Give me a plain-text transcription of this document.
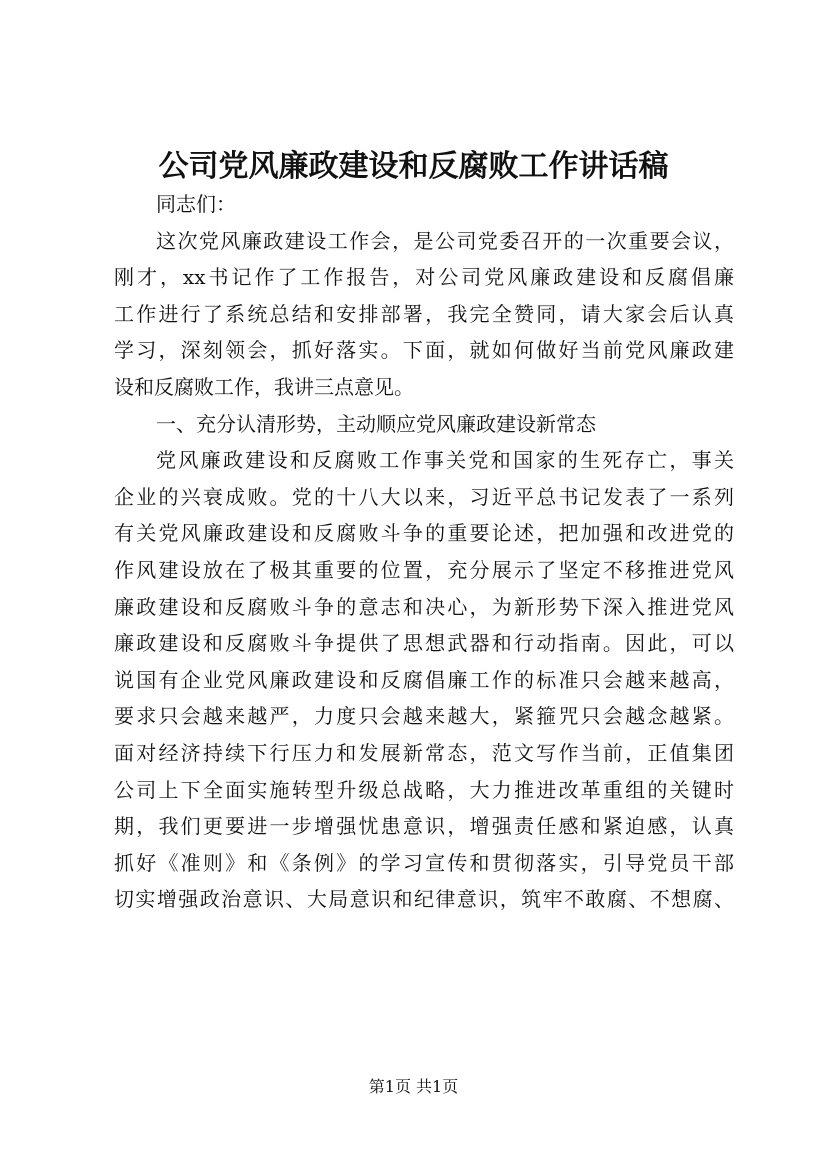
公司党风廉政建设和反腐败工作讲话稿
同志们：
这次党风廉政建设工作会，是公司党委召开的一次重要会议，
刚才，xx书记作了工作报告，对公司党风廉政建设和反腐倡廉
工作进行了系统总结和安排部署，我完全赞同，请大家会后认真
学习，深刻领会，抓好落实。下面，就如何做好当前党风廉政建
设和反腐败工作，我讲三点意见。
一、充分认清形势，主动顺应党风廉政建设新常态
党风廉政建设和反腐败工作事关党和国家的生死存亡，事关
企业的兴衰成败。党的十八大以来，习近平总书记发表了一系列
有关党风廉政建设和反腐败斗争的重要论述，把加强和改进党的
作风建设放在了极其重要的位置，充分展示了坚定不移推进党风
廉政建设和反腐败斗争的意志和决心，为新形势下深入推进党风
廉政建设和反腐败斗争提供了思想武器和行动指南。因此，可以
说国有企业党风廉政建设和反腐倡廉工作的标准只会越来越高，
要求只会越来越严，力度只会越来越大，紧箍咒只会越念越紧。
面对经济持续下行压力和发展新常态，范文写作当前，正值集团
公司上下全面实施转型升级总战略，大力推进改革重组的关键时
期，我们更要进一步增强忧患意识，增强责任感和紧迫感，认真
抓好《准则》和《条例》的学习宣传和贯彻落实，引导党员干部
切实增强政治意识、大局意识和纪律意识，筑牢不敢腐、不想腐、
第1页 共1页
